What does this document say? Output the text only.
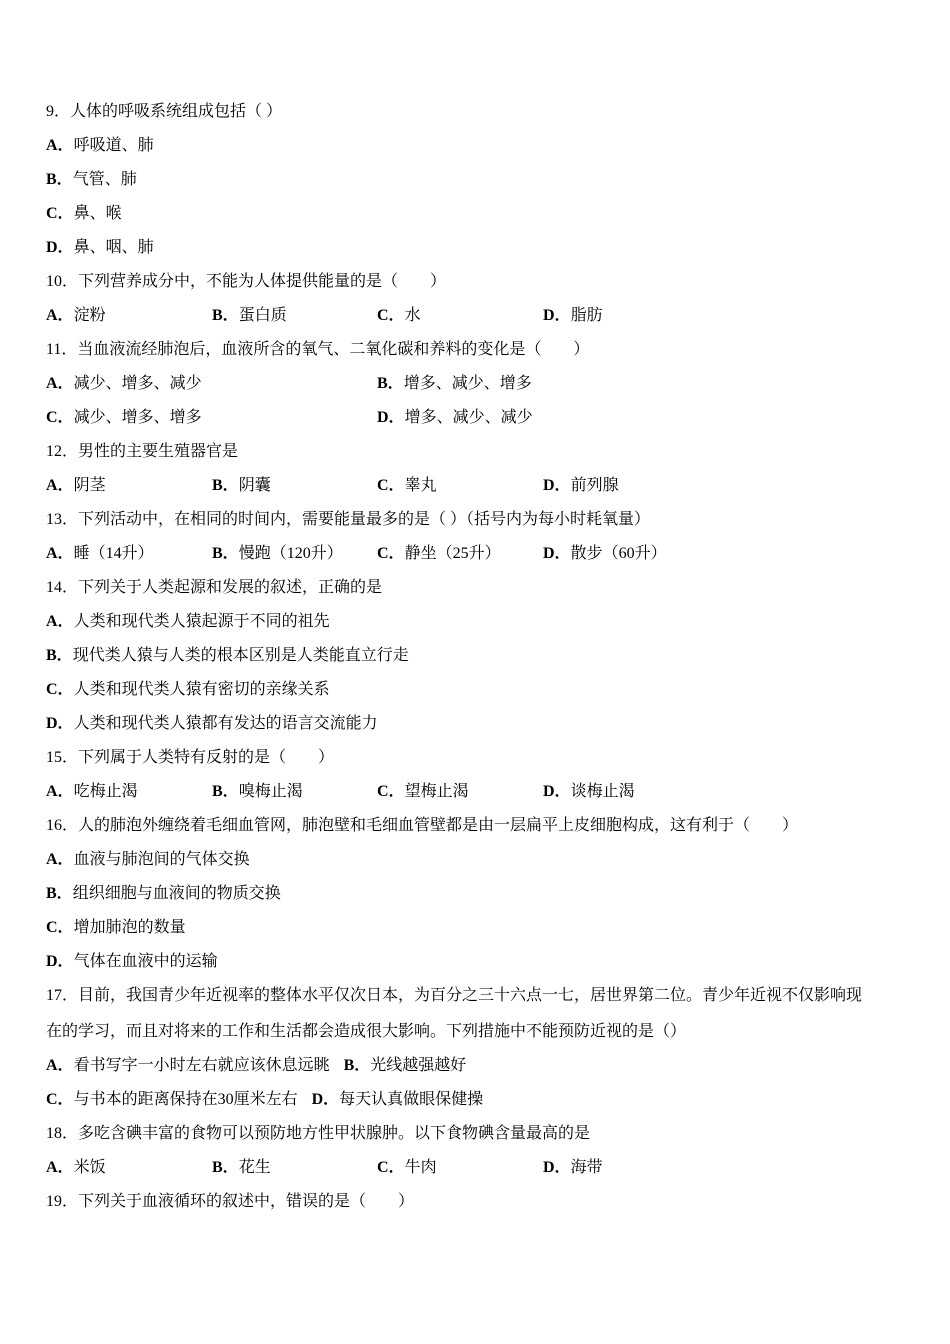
9．人体的呼吸系统组成包括（ ）
A．呼吸道、肺
B．气管、肺
C．鼻、喉
D．鼻、咽、肺
10．下列营养成分中，不能为人体提供能量的是（　　）
A．淀粉	B．蛋白质	C．水	D．脂肪
11．当血液流经肺泡后，血液所含的氧气、二氧化碳和养料的变化是（　　）
A．减少、增多、减少	B．增多、减少、增多
C．减少、增多、增多	D．增多、减少、减少
12．男性的主要生殖器官是
A．阴茎	B．阴囊	C．睾丸	D．前列腺
13．下列活动中，在相同的时间内，需要能量最多的是（ ）（括号内为每小时耗氧量）
A．睡（14升）	B．慢跑（120升） C．静坐（25升）	D．散步（60升）
14．下列关于人类起源和发展的叙述，正确的是
A．人类和现代类人猿起源于不同的祖先
B．现代类人猿与人类的根本区别是人类能直立行走
C．人类和现代类人猿有密切的亲缘关系
D．人类和现代类人猿都有发达的语言交流能力
15．下列属于人类特有反射的是（　　）
A．吃梅止渴	B．嗅梅止渴	C．望梅止渴	D．谈梅止渴
16．人的肺泡外缠绕着毛细血管网，肺泡壁和毛细血管壁都是由一层扁平上皮细胞构成，这有利于（　　）
A．血液与肺泡间的气体交换
B．组织细胞与血液间的物质交换
C．增加肺泡的数量
D．气体在血液中的运输
17．目前，我国青少年近视率的整体水平仅次日本，为百分之三十六点一七，居世界第二位。青少年近视不仅影响现
在的学习，而且对将来的工作和生活都会造成很大影响。下列措施中不能预防近视的是（）
A．看书写字一小时左右就应该休息远眺 B．光线越强越好
C．与书本的距离保持在30厘米左右 D．每天认真做眼保健操
18．多吃含碘丰富的食物可以预防地方性甲状腺肿。以下食物碘含量最高的是
A．米饭	B．花生	C．牛肉	D．海带
19．下列关于血液循环的叙述中，错误的是（　　）
